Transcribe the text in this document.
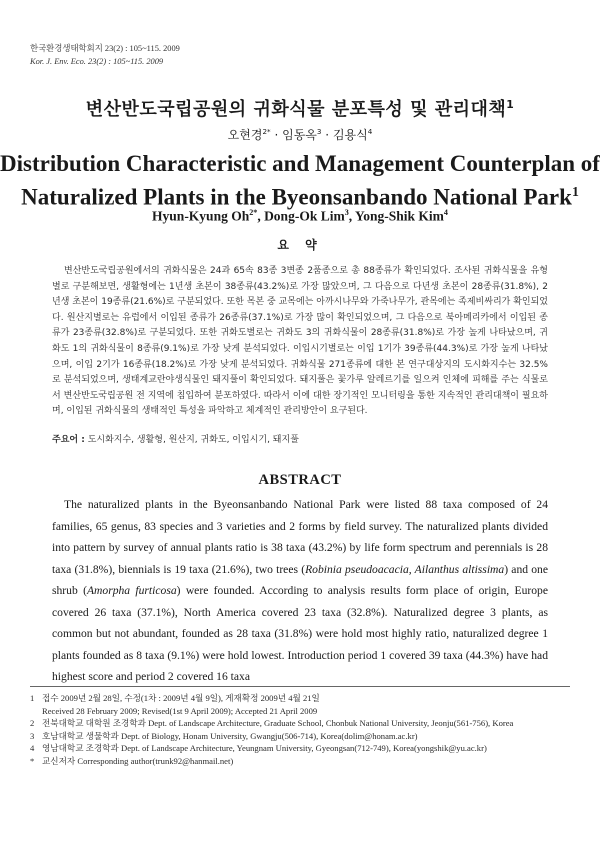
한국환경생태학회지 23(2) : 105~115. 2009
Kor. J. Env. Eco. 23(2) : 105~115. 2009
변산반도국립공원의 귀화식물 분포특성 및 관리대책$^1$
오현경$^{2*}$ · 임동옥$^3$ · 김용식$^4$
Distribution Characteristic and Management Counterplan of
Naturalized Plants in the Byeonsanbando National Park$^1$
Hyun-Kyung $Oh^{2*}$, Dong-Ok Lim$^3$, Yong-Shik Kim$^4$
요 약
변산반도국립공원에서의 귀화식물은 24과 65속 83종 3변종 2품종으로 총 88종류가 확인되었다. 조사된 귀화식물을 유형별로 구분해보면, 생활형에는 1년생 초본이 38종류(43.2%)로 가장 많았으며, 그 다음으로 다년생 초본이 28종류(31.8%), 2년생 초본이 19종류(21.6%)로 구분되었다. 또한 목본 중 교목에는 아까시나무와 가죽나무가, 관목에는 족제비싸리가 확인되었다. 원산지별로는 유럽에서 이입된 종류가 26종류(37.1%)로 가장 많이 확인되었으며, 그 다음으로 북아메리카에서 이입된 종류가 23종류(32.8%)로 구분되었다. 또한 귀화도별로는 귀화도 3의 귀화식물이 28종류(31.8%)로 가장 높게 나타났으며, 귀화도 1의 귀화식물이 8종류(9.1%)로 가장 낮게 분석되었다. 이입시기별로는 이입 1기가 39종류(44.3%)로 가장 높게 나타났으며, 이입 2기가 16종류(18.2%)로 가장 낮게 분석되었다. 귀화식물 271종류에 대한 본 연구대상지의 도시화지수는 32.5%로 분석되었으며, 생태계교란야생식물인 돼지풀이 확인되었다. 돼지풀은 꽃가루 알레르기를 일으켜 인체에 피해를 주는 식물로서 변산반도국립공원 전 지역에 침입하여 분포하였다. 따라서 이에 대한 장기적인 모니터링을 통한 지속적인 관리대책이 필요하며, 이입된 귀화식물의 생태적인 특성을 파악하고 체계적인 관리방안이 요구된다.
주요어 : 도시화지수, 생활형, 원산지, 귀화도, 이입시기, 돼지풀
ABSTRACT
The naturalized plants in the Byeonsanbando National Park were listed 88 taxa composed of 24 families, 65 genus, 83 species and 3 varieties and 2 forms by field survey. The naturalized plants divided into pattern by survey of annual plants ratio is 38 taxa (43.2%) by life form spectrum and perennials is 28 taxa (31.8%), biennials is 19 taxa (21.6%), two trees (Robinia pseudoacacia, Ailanthus altissima) and one shrub (Amorpha furticosa) were founded. According to analysis results form place of origin, Europe covered 26 taxa (37.1%), North America covered 23 taxa (32.8%). Naturalized degree 3 plants, as common but not abundant, founded as 28 taxa (31.8%) were hold most highly ratio, naturalized degree 1 plants founded as 8 taxa (9.1%) were hold lowest. Introduction period 1 covered 39 taxa (44.3%) have had highest score and period 2 covered 16 taxa
1 접수 2009년 2월 28일, 수정(1차 : 2009년 4월 9일), 게재확정 2009년 4월 21일
Received 28 February 2009; Revised(1st 9 April 2009); Accepted 21 April 2009
2 전북대학교 대학원 조경학과 Dept. of Landscape Architecture, Graduate School, Chonbuk National University, Jeonju(561-756), Korea
3 호남대학교 생물학과 Dept. of Biology, Honam University, Gwangju(506-714), Korea(dolim@honam.ac.kr)
4 영남대학교 조경학과 Dept. of Landscape Architecture, Yeungnam University, Gyeongsan(712-749), Korea(yongshik@yu.ac.kr)
* 교신저자 Corresponding author(trunk92@hanmail.net)
